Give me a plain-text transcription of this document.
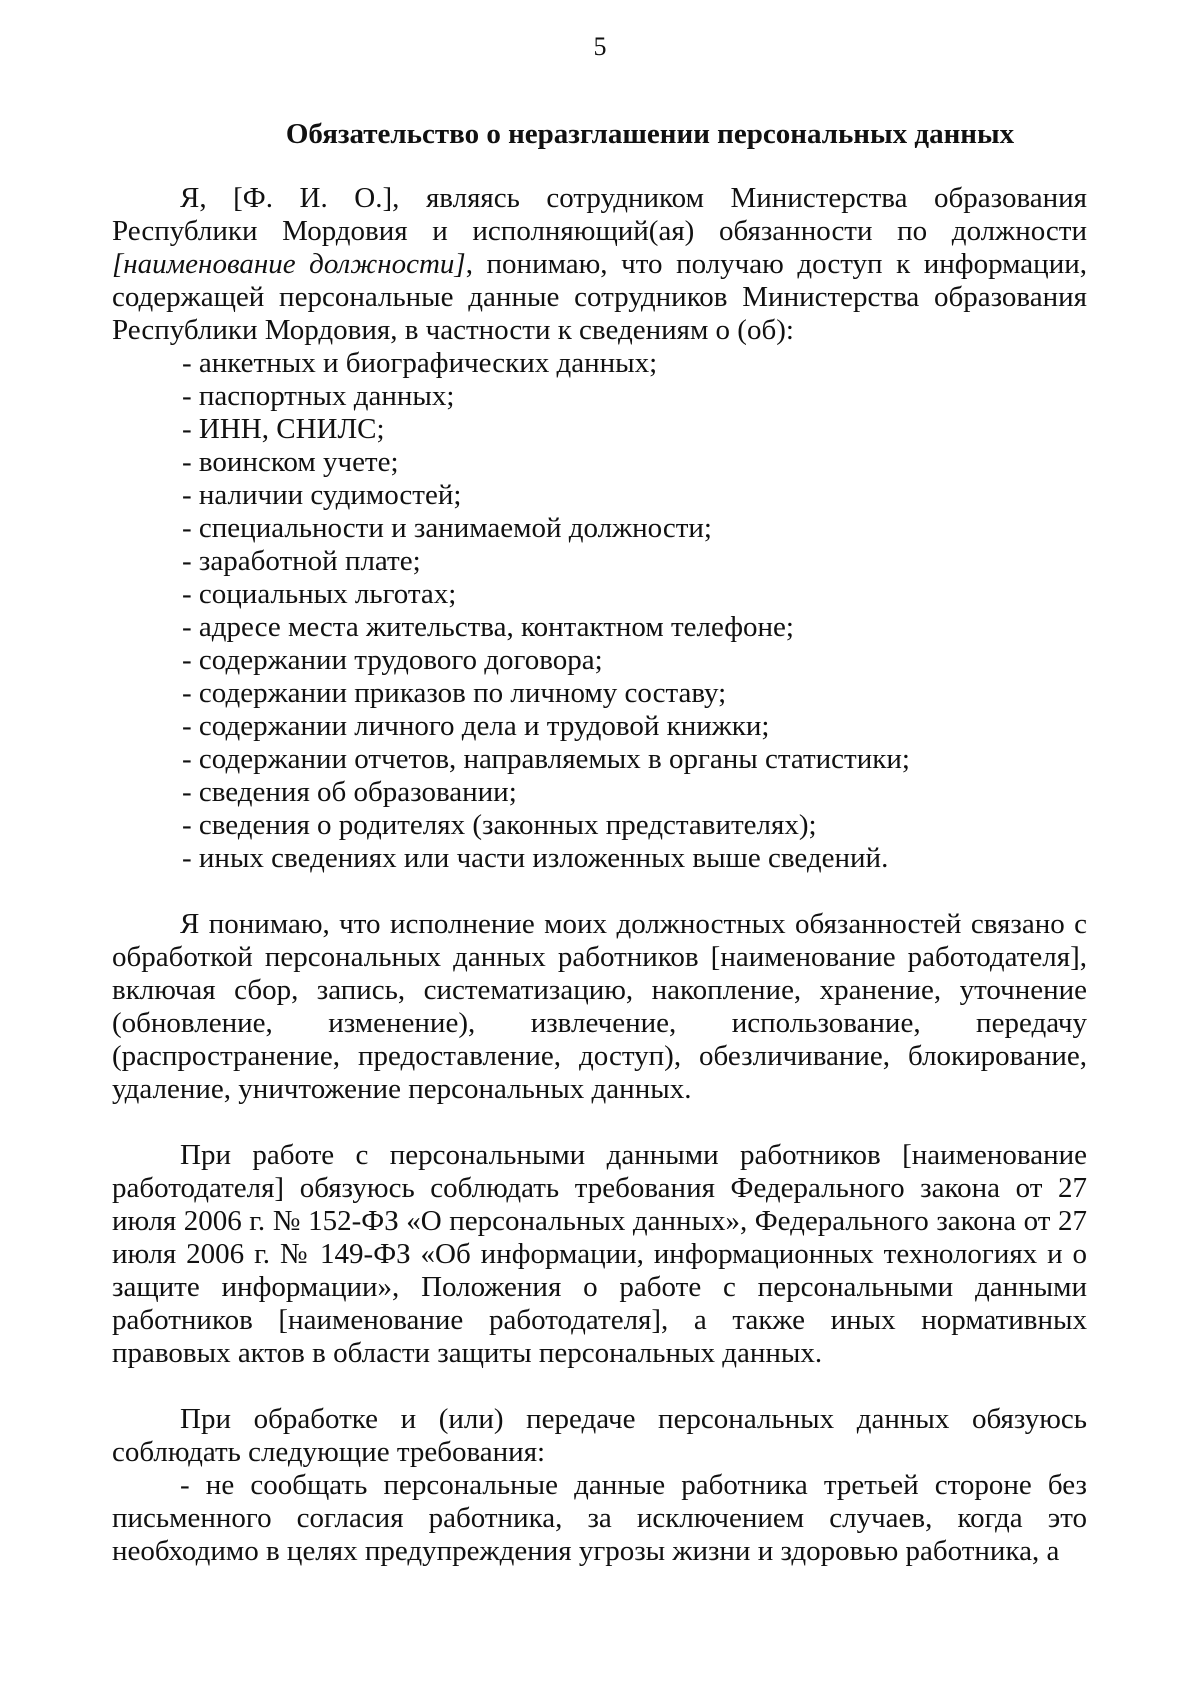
5
Обязательство о неразглашении персональных данных

Я, [Ф. И. О.], являясь сотрудником Министерства образования Республики Мордовия и исполняющий(ая) обязанности по должности [наименование должности], понимаю, что получаю доступ к информации, содержащей персональные данные сотрудников Министерства образования Республики Мордовия, в частности к сведениям о (об):

- анкетных и биографических данных;
- паспортных данных;
- ИНН, СНИЛС;
- воинском учете;
- наличии судимостей;
- специальности и занимаемой должности;
- заработной плате;
- социальных льготах;
- адресе места жительства, контактном телефоне;
- содержании трудового договора;
- содержании приказов по личному составу;
- содержании личного дела и трудовой книжки;
- содержании отчетов, направляемых в органы статистики;
- сведения об образовании;
- сведения о родителях (законных представителях);
- иных сведениях или части изложенных выше сведений.

Я понимаю, что исполнение моих должностных обязанностей связано с обработкой персональных данных работников [наименование работодателя], включая сбор, запись, систематизацию, накопление, хранение, уточнение (обновление, изменение), извлечение, использование, передачу (распространение, предоставление, доступ), обезличивание, блокирование, удаление, уничтожение персональных данных.

При работе с персональными данными работников [наименование работодателя] обязуюсь соблюдать требования Федерального закона от 27 июля 2006 г. № 152-ФЗ «О персональных данных», Федерального закона от 27 июля 2006 г. № 149-ФЗ «Об информации, информационных технологиях и о защите информации», Положения о работе с персональными данными работников [наименование работодателя], а также иных нормативных правовых актов в области защиты персональных данных.

При обработке и (или) передаче персональных данных обязуюсь соблюдать следующие требования:

- не сообщать персональные данные работника третьей стороне без письменного согласия работника, за исключением случаев, когда это необходимо в целях предупреждения угрозы жизни и здоровью работника, а
